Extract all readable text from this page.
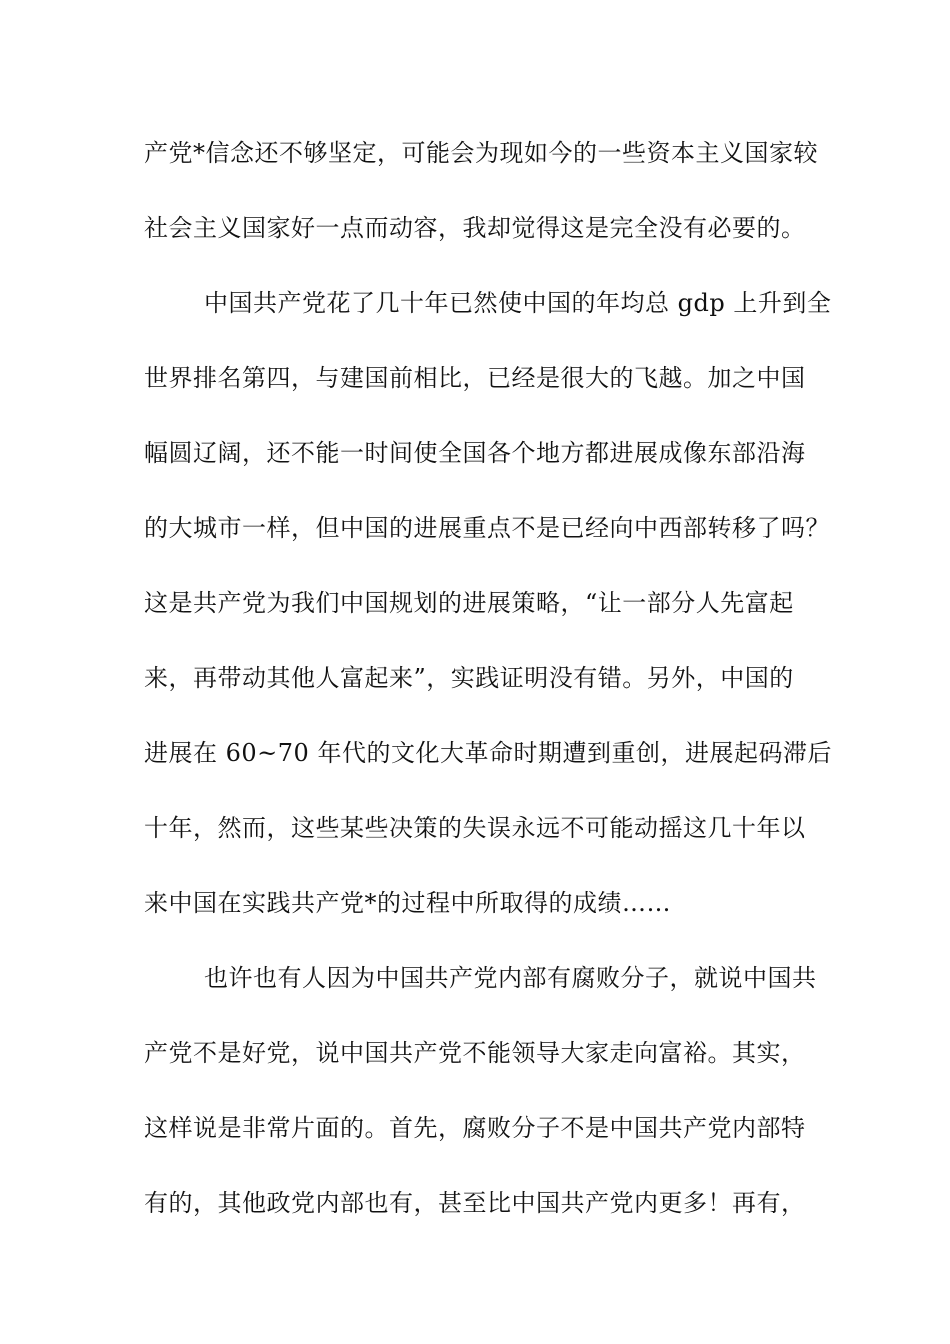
产党*信念还不够坚定，可能会为现如今的一些资本主义国家较
社会主义国家好一点而动容，我却觉得这是完全没有必要的。
中国共产党花了几十年已然使中国的年均总 gdp 上升到全
世界排名第四，与建国前相比，已经是很大的飞越。加之中国
幅圆辽阔，还不能一时间使全国各个地方都进展成像东部沿海
的大城市一样，但中国的进展重点不是已经向中西部转移了吗？
这是共产党为我们中国规划的进展策略，“让一部分人先富起
来，再带动其他人富起来”，实践证明没有错。另外，中国的
进展在 60~70 年代的文化大革命时期遭到重创，进展起码滞后
十年，然而，这些某些决策的失误永远不可能动摇这几十年以
来中国在实践共产党*的过程中所取得的成绩……
也许也有人因为中国共产党内部有腐败分子，就说中国共
产党不是好党，说中国共产党不能领导大家走向富裕。其实，
这样说是非常片面的。首先，腐败分子不是中国共产党内部特
有的，其他政党内部也有，甚至比中国共产党内更多！再有，
